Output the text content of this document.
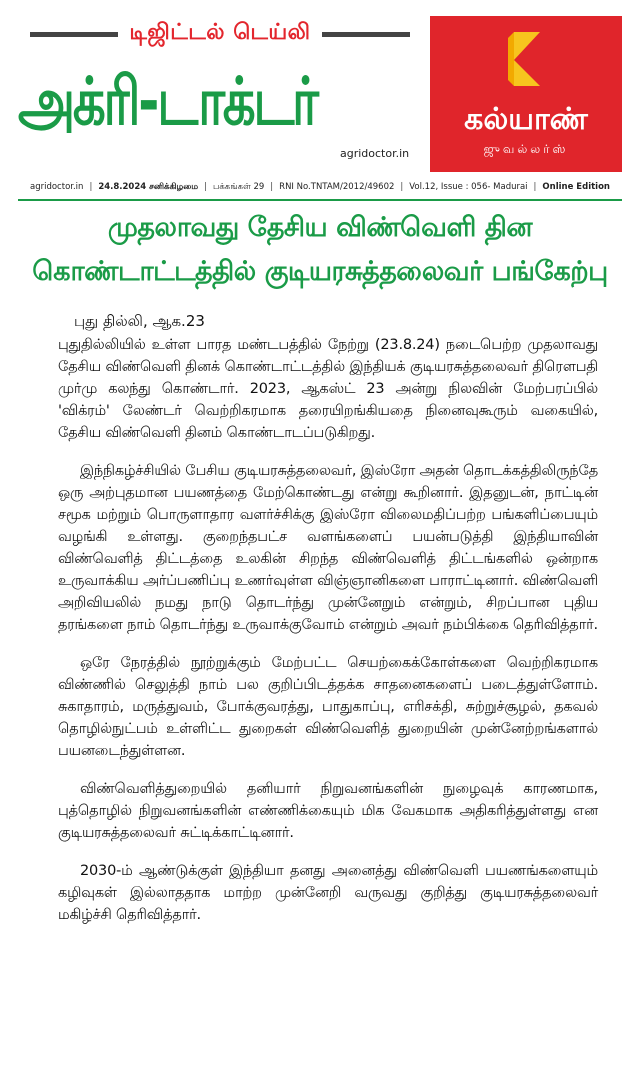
டிஜிட்டல் டெய்லி
அக்ரி-டாக்டர்
agridoctor.in
கல்யாண்
ஜுவல்லர்ஸ்
agridoctor.in | 24.8.2024 சனிக்கிழமை | பக்கங்கள் 29 | RNI No.TNTAM/2012/49602 | Vol.12, Issue : 056- Madurai | Online Edition
முதலாவது தேசிய விண்வெளி தின
கொண்டாட்டத்தில் குடியரசுத்தலைவர் பங்கேற்பு
புது தில்லி, ஆக.23

புதுதில்லியில் உள்ள பாரத மண்டபத்தில் நேற்று (23.8.24) நடைபெற்ற முதலாவது தேசிய விண்வெளி தினக் கொண்டாட்டத்தில் இந்தியக் குடியரசுத்தலைவர் திரௌபதி முர்மு கலந்து கொண்டார். 2023, ஆகஸ்ட் 23 அன்று நிலவின் மேற்பரப்பில் 'விக்ரம்' லேண்டர் வெற்றிகரமாக தரையிறங்கியதை நினைவுகூரும் வகையில், தேசிய விண்வெளி தினம் கொண்டாடப்படுகிறது.

இந்நிகழ்ச்சியில் பேசிய குடியரசுத்தலைவர், இஸ்ரோ அதன் தொடக்கத்திலிருந்தே ஒரு அற்புதமான பயணத்தை மேற்கொண்டது என்று கூறினார். இதனுடன், நாட்டின் சமூக மற்றும் பொருளாதார வளர்ச்சிக்கு இஸ்ரோ விலைமதிப்பற்ற பங்களிப்பையும் வழங்கி உள்ளது. குறைந்தபட்ச வளங்களைப் பயன்படுத்தி இந்தியாவின் விண்வெளித் திட்டத்தை உலகின் சிறந்த விண்வெளித் திட்டங்களில் ஒன்றாக உருவாக்கிய அர்ப்பணிப்பு உணர்வுள்ள விஞ்ஞானிகளை பாராட்டினார். விண்வெளி அறிவியலில் நமது நாடு தொடர்ந்து முன்னேறும் என்றும், சிறப்பான புதிய தரங்களை நாம் தொடர்ந்து உருவாக்குவோம் என்றும் அவர் நம்பிக்கை தெரிவித்தார்.

ஒரே நேரத்தில் நூற்றுக்கும் மேற்பட்ட செயற்கைக்கோள்களை வெற்றிகரமாக விண்ணில் செலுத்தி நாம் பல குறிப்பிடத்தக்க சாதனைகளைப் படைத்துள்ளோம். சுகாதாரம், மருத்துவம், போக்குவரத்து, பாதுகாப்பு, எரிசக்தி, சுற்றுச்சூழல், தகவல் தொழில்நுட்பம் உள்ளிட்ட துறைகள் விண்வெளித் துறையின் முன்னேற்றங்களால் பயனடைந்துள்ளன.

விண்வெளித்துறையில் தனியார் நிறுவனங்களின் நுழைவுக் காரணமாக, புத்தொழில் நிறுவனங்களின் எண்ணிக்கையும் மிக வேகமாக அதிகரித்துள்ளது என குடியரசுத்தலைவர் சுட்டிக்காட்டினார்.

2030-ம் ஆண்டுக்குள் இந்தியா தனது அனைத்து விண்வெளி பயணங்களையும் கழிவுகள் இல்லாததாக மாற்ற முன்னேறி வருவது குறித்து குடியரசுத்தலைவர் மகிழ்ச்சி தெரிவித்தார்.
